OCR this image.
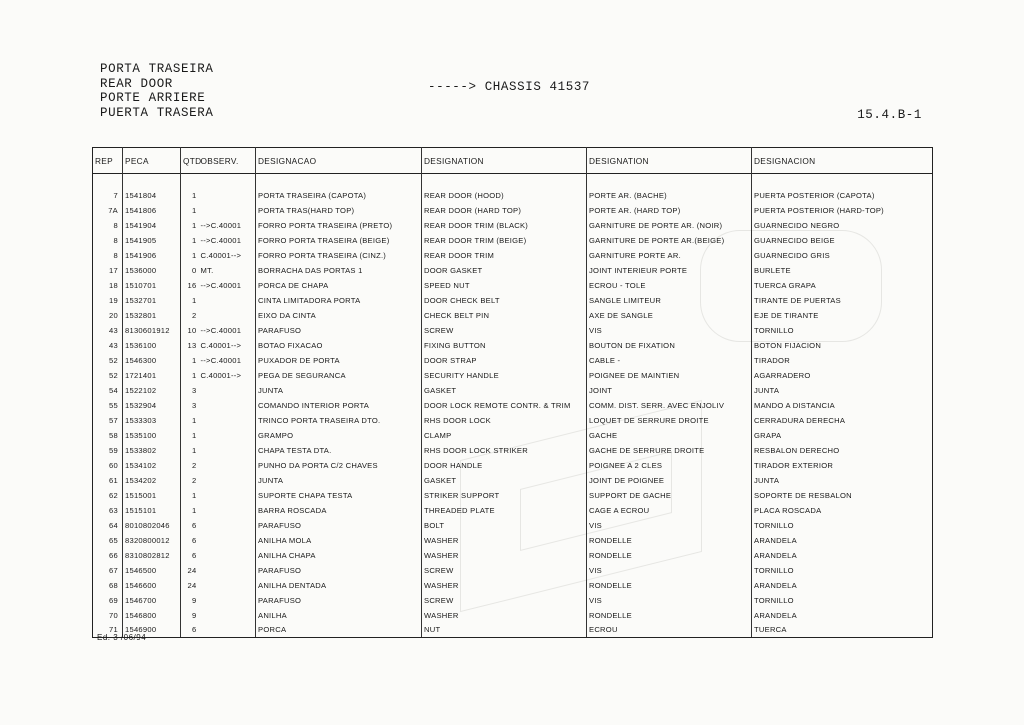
PORTA TRASEIRA
REAR DOOR
PORTE ARRIERE
PUERTA TRASERA
-----> CHASSIS 41537
15.4.B-1
REP	PECA	QTD	OBSERV.	DESIGNACAO	DESIGNATION	DESIGNATION	DESIGNACION

7	1541804	1		PORTA TRASEIRA (CAPOTA)	REAR DOOR (HOOD)	PORTE AR. (BACHE)	PUERTA POSTERIOR (CAPOTA)
7A	1541806	1		PORTA TRAS(HARD TOP)	REAR DOOR (HARD TOP)	PORTE AR. (HARD TOP)	PUERTA POSTERIOR (HARD-TOP)
8	1541904	1	-->C.40001	FORRO PORTA TRASEIRA (PRETO)	REAR DOOR TRIM (BLACK)	GARNITURE DE PORTE AR. (NOIR)	GUARNECIDO NEGRO
8	1541905	1	-->C.40001	FORRO PORTA TRASEIRA (BEIGE)	REAR DOOR TRIM (BEIGE)	GARNITURE DE PORTE AR.(BEIGE)	GUARNECIDO BEIGE
8	1541906	1	C.40001-->	FORRO PORTA TRASEIRA (CINZ.)	REAR DOOR TRIM	GARNITURE PORTE AR.	GUARNECIDO GRIS
17	1536000	0	MT.	BORRACHA DAS PORTAS 1	DOOR GASKET	JOINT INTERIEUR PORTE	BURLETE
18	1510701	16	-->C.40001	PORCA DE CHAPA	SPEED NUT	ECROU - TOLE	TUERCA GRAPA
19	1532701	1		CINTA LIMITADORA PORTA	DOOR CHECK BELT	SANGLE LIMITEUR	TIRANTE DE PUERTAS
20	1532801	2		EIXO DA CINTA	CHECK BELT PIN	AXE DE SANGLE	EJE DE TIRANTE
43	8130601912	10	-->C.40001	PARAFUSO	SCREW	VIS	TORNILLO
43	1536100	13	C.40001-->	BOTAO FIXACAO	FIXING BUTTON	BOUTON DE FIXATION	BOTON FIJACION
52	1546300	1	-->C.40001	PUXADOR DE PORTA	DOOR STRAP	CABLE -	TIRADOR
52	1721401	1	C.40001-->	PEGA DE SEGURANCA	SECURITY HANDLE	POIGNEE DE MAINTIEN	AGARRADERO
54	1522102	3		JUNTA	GASKET	JOINT	JUNTA
55	1532904	3		COMANDO INTERIOR PORTA	DOOR LOCK REMOTE CONTR. & TRIM	COMM. DIST. SERR. AVEC ENJOLIV	MANDO A DISTANCIA
57	1533303	1		TRINCO PORTA TRASEIRA DTO.	RHS DOOR LOCK	LOQUET DE SERRURE DROITE	CERRADURA DERECHA
58	1535100	1		GRAMPO	CLAMP	GACHE	GRAPA
59	1533802	1		CHAPA TESTA DTA.	RHS DOOR LOCK STRIKER	GACHE DE SERRURE DROITE	RESBALON DERECHO
60	1534102	2		PUNHO DA PORTA C/2 CHAVES	DOOR HANDLE	POIGNEE A 2 CLES	TIRADOR EXTERIOR
61	1534202	2		JUNTA	GASKET	JOINT DE POIGNEE	JUNTA
62	1515001	1		SUPORTE CHAPA TESTA	STRIKER SUPPORT	SUPPORT DE GACHE	SOPORTE DE RESBALON
63	1515101	1		BARRA ROSCADA	THREADED PLATE	CAGE A ECROU	PLACA ROSCADA
64	8010802046	6		PARAFUSO	BOLT	VIS	TORNILLO
65	8320800012	6		ANILHA MOLA	WASHER	RONDELLE	ARANDELA
66	8310802812	6		ANILHA CHAPA	WASHER	RONDELLE	ARANDELA
67	1546500	24		PARAFUSO	SCREW	VIS	TORNILLO
68	1546600	24		ANILHA DENTADA	WASHER	RONDELLE	ARANDELA
69	1546700	9		PARAFUSO	SCREW	VIS	TORNILLO
70	1546800	9		ANILHA	WASHER	RONDELLE	ARANDELA
71	1546900	6		PORCA	NUT	ECROU	TUERCA
Ed. 3 /06/94
